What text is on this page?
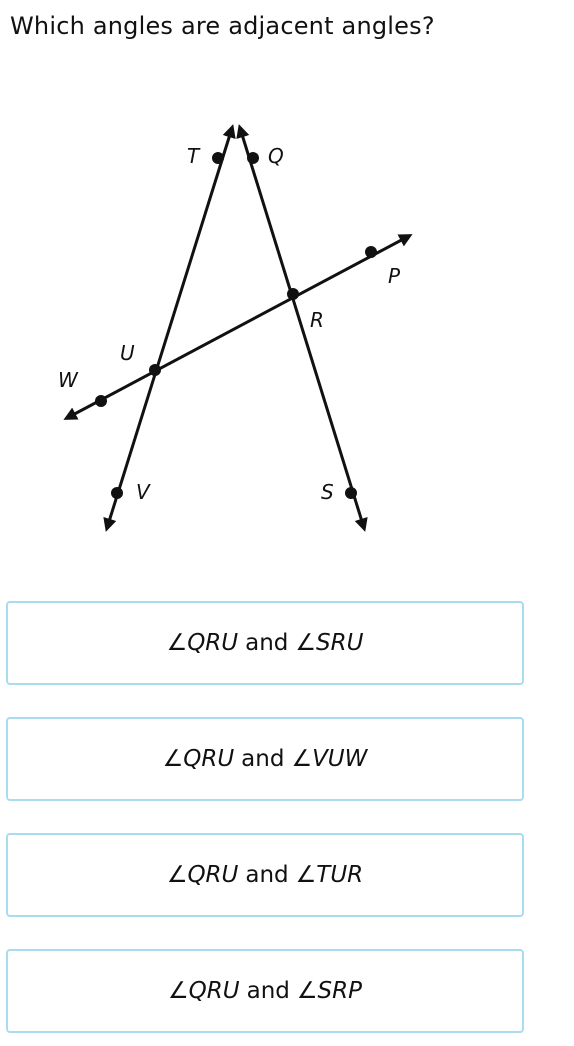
Which angles are adjacent angles?
T	Q
P
R
U
W
V	S
∠ QRU and ∠ SRU
∠ QRU and ∠ VUW
∠ QRU and ∠ TUR
∠ QRU and ∠ SRP
